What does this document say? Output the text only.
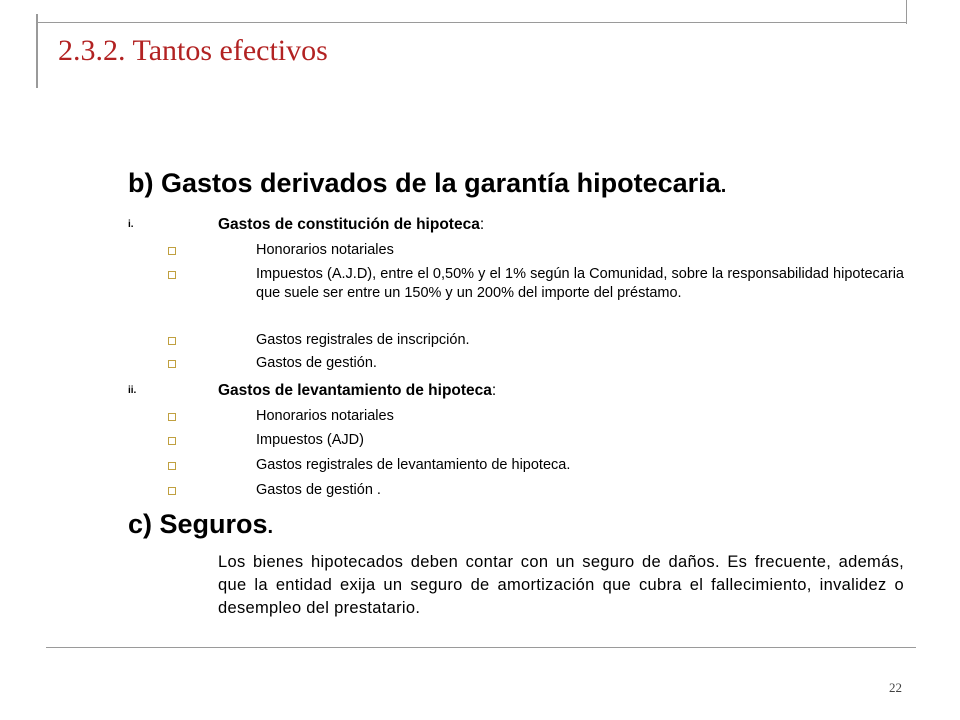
2.3.2. Tantos efectivos
b) Gastos derivados de la garantía hipotecaria.
i.	Gastos de constitución de hipoteca:
Honorarios notariales
Impuestos (A.J.D), entre el 0,50% y el 1% según la Comunidad, sobre la responsabilidad hipotecaria que suele ser entre un 150% y un 200% del importe del préstamo.
Gastos registrales de inscripción.
Gastos de gestión.
ii.	Gastos de levantamiento de hipoteca:
Honorarios notariales
Impuestos (AJD)
Gastos registrales de levantamiento de hipoteca.
Gastos de gestión .
c) Seguros.

Los bienes hipotecados deben contar con un seguro de daños. Es frecuente, además, que la entidad exija un seguro de amortización que cubra el fallecimiento, invalidez o desempleo del prestatario.

22
